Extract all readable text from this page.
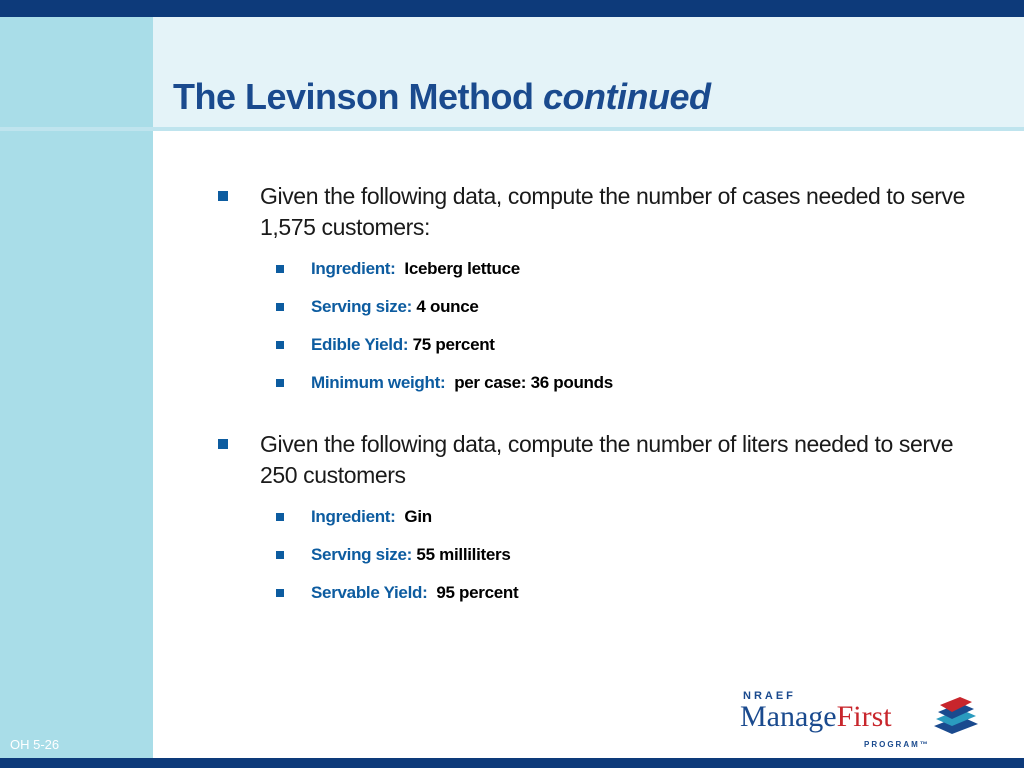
The Levinson Method continued

Given the following data, compute the number of cases needed to serve 1,575 customers:

Ingredient: Iceberg lettuce

Serving size: 4 ounce

Edible Yield: 75 percent

Minimum weight: per case: 36 pounds

Given the following data, compute the number of liters needed to serve 250 customers

Ingredient: Gin

Serving size: 55 milliliters

Servable Yield: 95 percent

OH 5-26
NRAEF
ManageFirst
PROGRAM™
